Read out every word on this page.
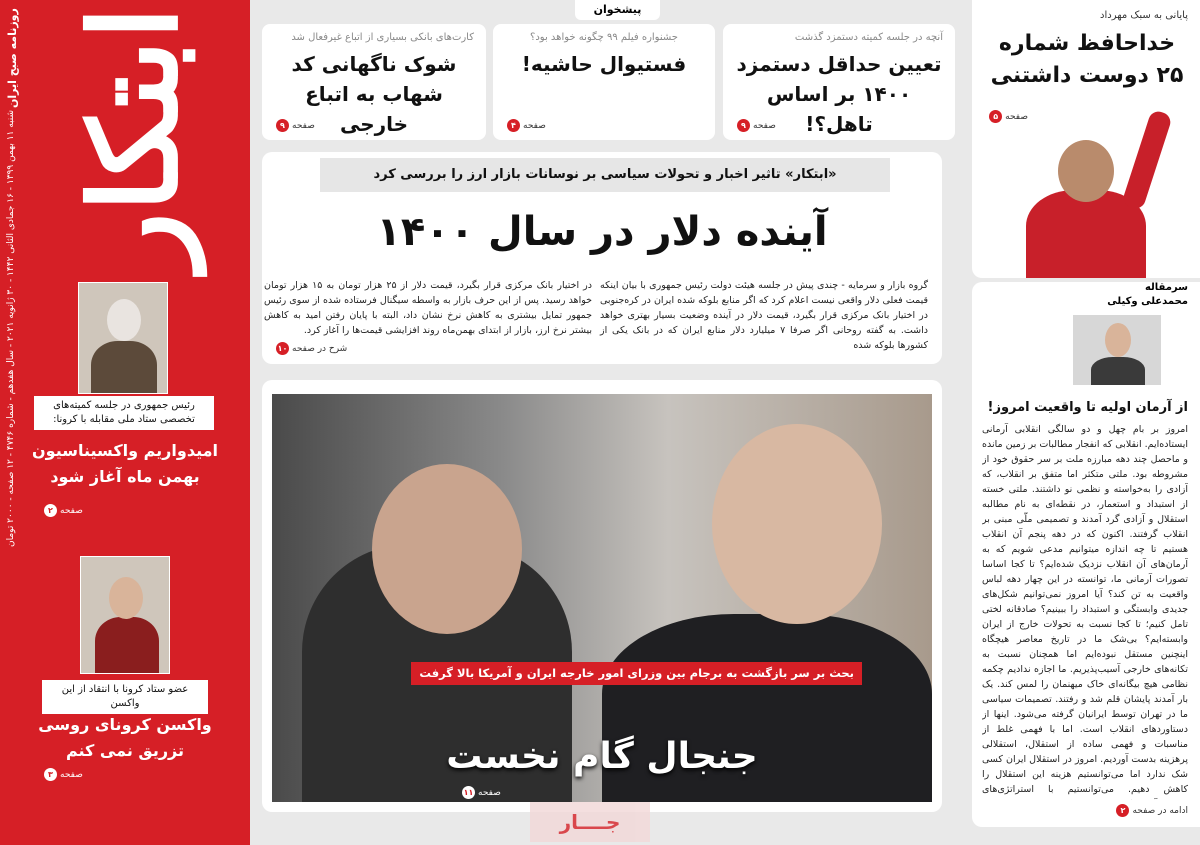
ابتکار
روزنامه صبح ایران
شنبه ۱۱ بهمن ۱۳۹۹ - ۱۶ جمادی الثانی ۱۴۴۲ - ۳۰ ژانویه ۲۰۲۱ - سال هفدهم - شماره ۴۷۴۶ - ۱۲ صفحه - ۲۰۰۰ تومان
رئیس جمهوری در جلسه کمیته‌های تخصصی ستاد ملی مقابله با کرونا:
امیدواریم واکسیناسیون بهمن ماه آغاز شود
صفحه
۲
عضو ستاد کرونا با انتقاد از این واکسن
واکسن کرونای روسی تزریق نمی کنم
صفحه
۳
پیشخوان
آنچه در جلسه کمیته دستمزد گذشت
تعیین حداقل دستمزد ۱۴۰۰ بر اساس تاهل؟!
صفحه
۹
جشنواره فیلم ۹۹ چگونه خواهد بود؟
فستیوال حاشیه!
صفحه
۴
کارت‌های بانکی بسیاری از اتباع غیرفعال شد
شوک ناگهانی کد شهاب به اتباع خارجی
صفحه
۹
«ابتکار» تاثیر اخبار و تحولات سیاسی بر نوسانات بازار ارز را بررسی کرد
آینده دلار در سال ۱۴۰۰
گروه بازار و سرمایه - چندی پیش در جلسه هیئت دولت رئیس جمهوری با بیان اینکه قیمت فعلی دلار واقعی نیست اعلام کرد که اگر منابع بلوکه شده ایران در کره‌جنوبی در اختیار بانک مرکزی قرار بگیرد، قیمت دلار در آینده وضعیت بسیار بهتری خواهد داشت. به گفته روحانی اگر صرفا ۷ میلیارد دلار منابع ایران که در بانک یکی از کشورها بلوکه شده
در اختیار بانک مرکزی قرار بگیرد، قیمت دلار از ۲۵ هزار تومان به ۱۵ هزار تومان خواهد رسید. پس از این حرف بازار به واسطه سیگنال فرستاده شده از سوی رئیس جمهور تمایل بیشتری به کاهش نرخ نشان داد، البته با پایان رفتن امید به کاهش بیشتر نرخ ارز، بازار از ابتدای بهمن‌ماه روند افزایشی قیمت‌ها را آغاز کرد.
شرح در صفحه
۱۰
بحث بر سر بازگشت به برجام بین وزرای امور خارجه ایران و آمریکا بالا گرفت
جنجال گام نخست
صفحه
۱۱
جــــار
پایانی به سبک مهرداد
خداحافظ شماره ۲۵ دوست داشتنی
صفحه
۵
سرمقاله
محمدعلی وکیلی
از آرمان اولیه تا واقعیت امروز!
امروز بر بام چهل و دو سالگی انقلابی آرمانی ایستاده‌ایم. انقلابی که انفجار مطالبات بر زمین مانده و ماحصل چند دهه مبارزه ملت بر سر حقوق خود از مشروطه بود. ملتی متکثر اما متفق بر انقلاب، که آزادی را به‌خواسته و نظمی نو داشتند. ملتی خسته از استبداد و استعمار، در نقطه‌ای به نام مطالبه استقلال و آزادی گرد آمدند و تصمیمی ملّی مبنی بر انقلاب گرفتند. اکنون که در دهه پنجم آن انقلاب هستیم تا چه اندازه میتوانیم مدعی شویم که به آرمان‌های آن انقلاب نزدیک شده‌ایم؟ تا کجا اساسا تصورات آرمانی ما، توانسته در این چهار دهه لباس واقعیت به تن کند؟ آیا امروز نمی‌توانیم شکل‌های جدیدی وابستگی و استبداد را ببینیم؟ صادقانه لختی تامل کنیم؛ تا کجا نسبت به تحولات خارج از ایران وابسته‌ایم؟ بی‌شک ما در تاریخ معاصر هیچگاه اینچنین مستقل نبوده‌ایم اما همچنان نسبت به تکانه‌های خارجی آسیب‌پذیریم. ما اجازه ندادیم چکمه نظامی هیچ بیگانه‌ای خاک میهنمان را لمس کند. یک بار آمدند پایشان قلم شد و رفتند. تصمیمات سیاسی ما در تهران توسط ایرانیان گرفته می‌شود. اینها از دستاوردهای انقلاب است. اما با فهمی غلط از مناسبات و فهمی ساده از استقلال، استقلالی پرهزینه بدست آوردیم. امروز در استقلال ایران کسی شک ندارد اما می‌توانستیم هزینه این استقلال را کاهش دهیم. می‌توانستیم با استراتژی‌های
ادامه در صفحه
۲
